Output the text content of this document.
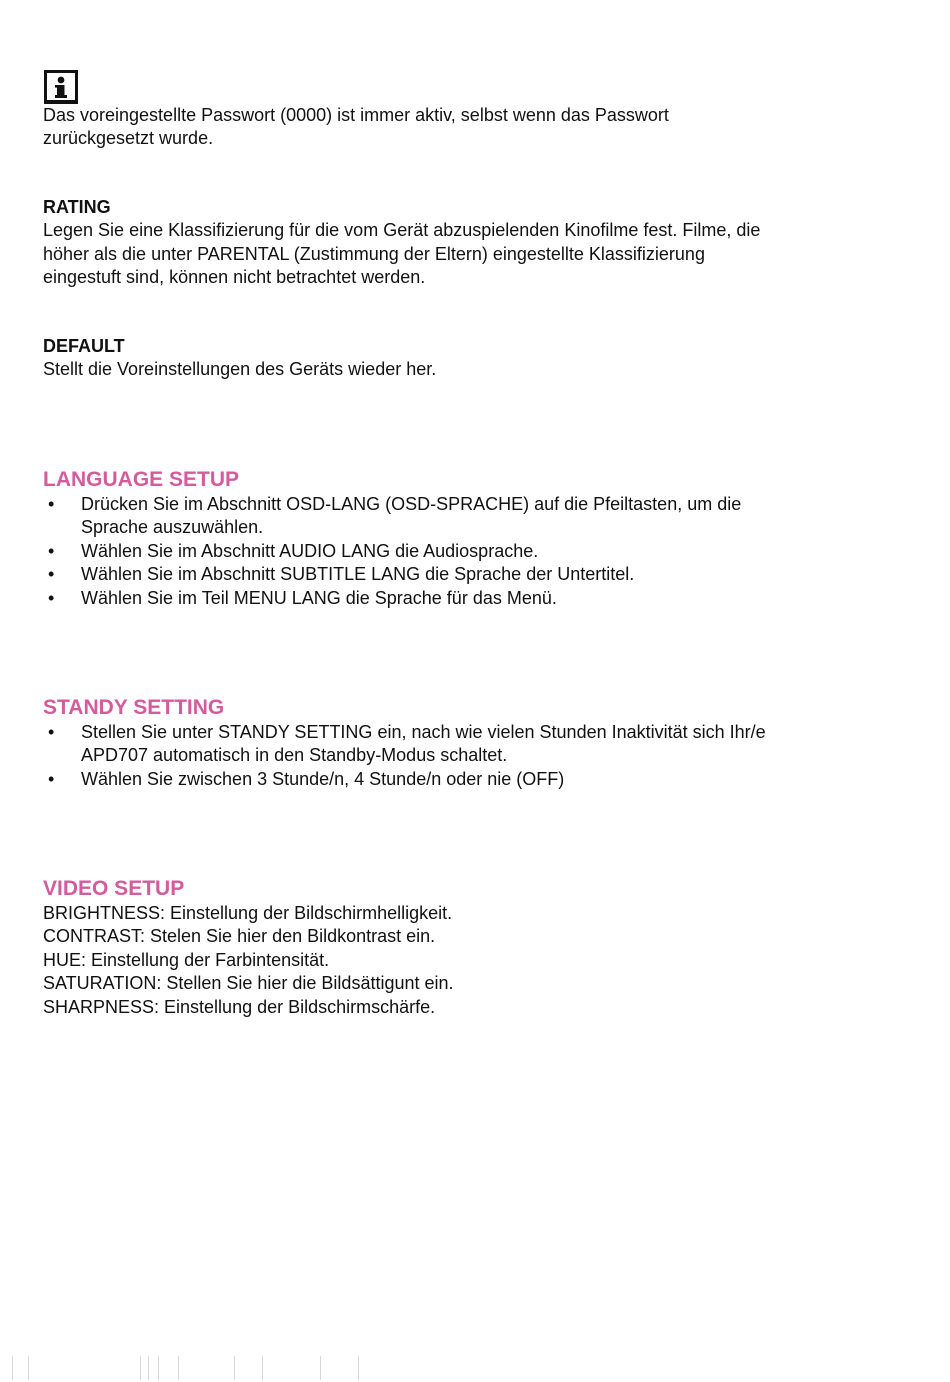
Das voreingestellte Passwort (0000) ist immer aktiv, selbst wenn das Passwort
zurückgesetzt wurde.
RATING
Legen Sie eine Klassifizierung für die vom Gerät abzuspielenden Kinofilme fest. Filme, die
höher als die unter PARENTAL (Zustimmung der Eltern) eingestellte Klassifizierung
eingestuft sind, können nicht betrachtet werden.
DEFAULT
Stellt die Voreinstellungen des Geräts wieder her.
LANGUAGE SETUP
• Drücken Sie im Abschnitt OSD-LANG (OSD-SPRACHE) auf die Pfeiltasten, um die
Sprache auszuwählen.
• Wählen Sie im Abschnitt AUDIO LANG die Audiosprache.
• Wählen Sie im Abschnitt SUBTITLE LANG die Sprache der Untertitel.
• Wählen Sie im Teil MENU LANG die Sprache für das Menü.
STANDY SETTING
• Stellen Sie unter STANDY SETTING ein, nach wie vielen Stunden Inaktivität sich Ihr/e
APD707 automatisch in den Standby-Modus schaltet.
• Wählen Sie zwischen 3 Stunde/n, 4 Stunde/n oder nie (OFF)
VIDEO SETUP
BRIGHTNESS: Einstellung der Bildschirmhelligkeit.
CONTRAST: Stelen Sie hier den Bildkontrast ein.
HUE: Einstellung der Farbintensität.
SATURATION: Stellen Sie hier die Bildsättigunt ein.
SHARPNESS: Einstellung der Bildschirmschärfe.
